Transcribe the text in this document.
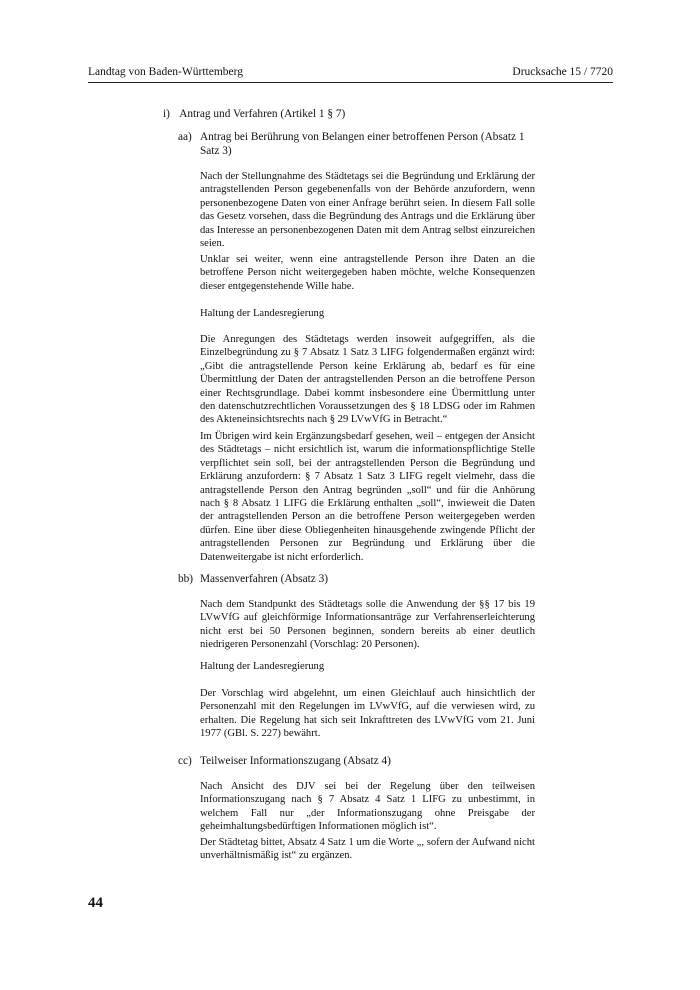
Landtag von Baden-Württemberg	Drucksache 15 / 7720
i) Antrag und Verfahren (Artikel 1 § 7)
aa) Antrag bei Berührung von Belangen einer betroffenen Person (Absatz 1 Satz 3)

Nach der Stellungnahme des Städtetags sei die Begründung und Erklärung der antragstellenden Person gegebenenfalls von der Behörde anzufordern, wenn personenbezogene Daten von einer Anfrage berührt seien. In diesem Fall solle das Gesetz vorsehen, dass die Begründung des Antrags und die Erklärung über das Interesse an personenbezogenen Daten mit dem Antrag selbst einzureichen seien.

Unklar sei weiter, wenn eine antragstellende Person ihre Daten an die betroffene Person nicht weitergegeben haben möchte, welche Konsequenzen dieser entgegenstehende Wille habe.

Haltung der Landesregierung

Die Anregungen des Städtetags werden insoweit aufgegriffen, als die Einzelbegründung zu § 7 Absatz 1 Satz 3 LIFG folgendermaßen ergänzt wird: „Gibt die antragstellende Person keine Erklärung ab, bedarf es für eine Übermittlung der Daten der antragstellenden Person an die betroffene Person einer Rechtsgrundlage. Dabei kommt insbesondere eine Übermittlung unter den datenschutzrechtlichen Voraussetzungen des § 18 LDSG oder im Rahmen des Akteneinsichtsrechts nach § 29 LVwVfG in Betracht.“

Im Übrigen wird kein Ergänzungsbedarf gesehen, weil – entgegen der Ansicht des Städtetags – nicht ersichtlich ist, warum die informationspflichtige Stelle verpflichtet sein soll, bei der antragstellenden Person die Begründung und Erklärung anzufordern: § 7 Absatz 1 Satz 3 LIFG regelt vielmehr, dass die antragstellende Person den Antrag begründen „soll“ und für die Anhörung nach § 8 Absatz 1 LIFG die Erklärung enthalten „soll“, inwieweit die Daten der antragstellenden Person an die betroffene Person weitergegeben werden dürfen. Eine über diese Obliegenheiten hinausgehende zwingende Pflicht der antragstellenden Personen zur Begründung und Erklärung über die Datenweitergabe ist nicht erforderlich.

bb) Massenverfahren (Absatz 3)

Nach dem Standpunkt des Städtetags solle die Anwendung der §§ 17 bis 19 LVwVfG auf gleichförmige Informationsanträge zur Verfahrenserleichterung nicht erst bei 50 Personen beginnen, sondern bereits ab einer deutlich niedrigeren Personenzahl (Vorschlag: 20 Personen).

Haltung der Landesregierung

Der Vorschlag wird abgelehnt, um einen Gleichlauf auch hinsichtlich der Personenzahl mit den Regelungen im LVwVfG, auf die verwiesen wird, zu erhalten. Die Regelung hat sich seit Inkrafttreten des LVwVfG vom 21. Juni 1977 (GBl. S. 227) bewährt.

cc) Teilweiser Informationszugang (Absatz 4)

Nach Ansicht des DJV sei bei der Regelung über den teilweisen Informationszugang nach § 7 Absatz 4 Satz 1 LIFG zu unbestimmt, in welchem Fall nur „der Informationszugang ohne Preisgabe der geheimhaltungsbedürftigen Informationen möglich ist“.

Der Städtetag bittet, Absatz 4 Satz 1 um die Worte „, sofern der Aufwand nicht unverhältnismäßig ist“ zu ergänzen.

44
